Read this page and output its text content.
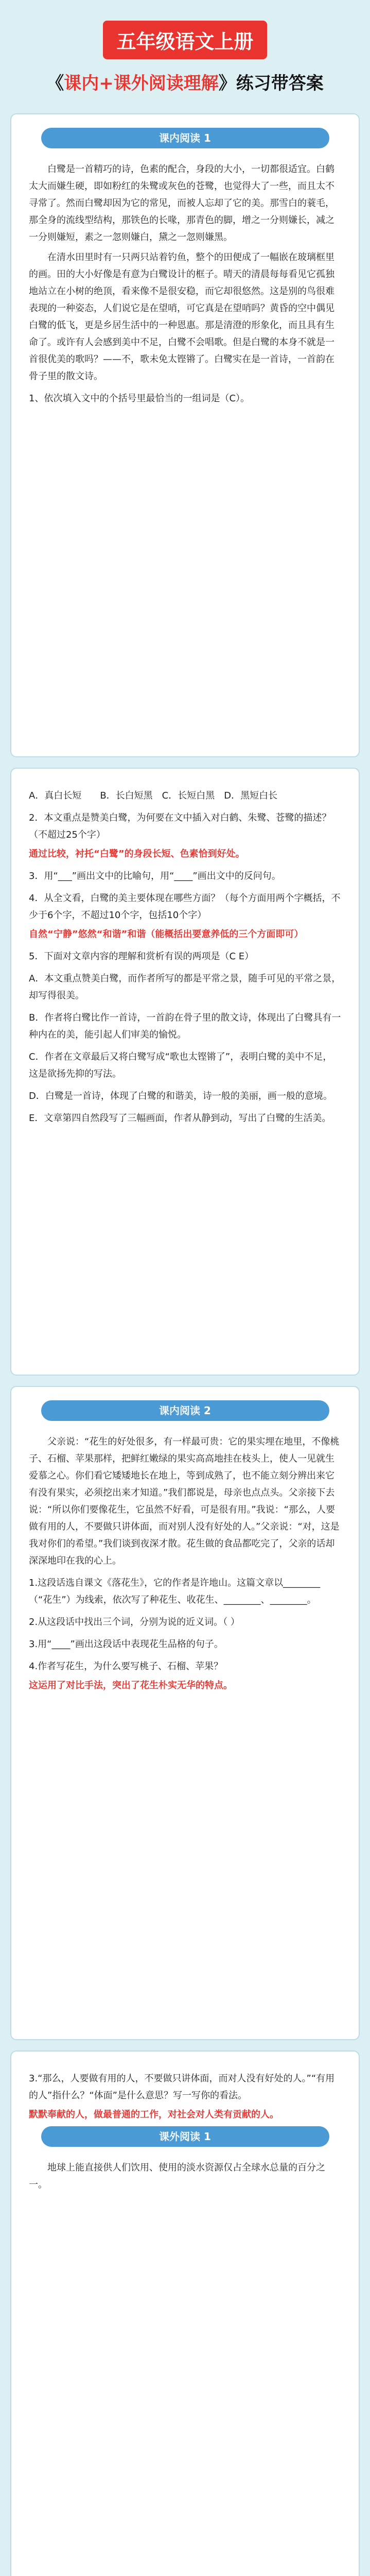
五年级语文上册
《课内+课外阅读理解》练习带答案
课内阅读 1

白鹭是一首精巧的诗，色素的配合，身段的大小，一切都很适宜。白鹤太大而嫌生硬，即如粉红的朱鹭或灰色的苍鹭，也觉得大了一些，而且太不寻常了。然而白鹭却因为它的常见，而被人忘却了它的美。那雪白的蓑毛，那全身的流线型结构，那铁色的长喙，那青色的脚，增之一分则嫌长，减之一分则嫌短，素之一忽则嫌白，黛之一忽则嫌黑。

在清水田里时有一只两只站着钓鱼，整个的田便成了一幅嵌在玻璃框里的画。田的大小好像是有意为白鹭设计的框子。晴天的清晨每每看见它孤独地站立在小树的绝顶，看来像不是很安稳，而它却很悠然。这是别的鸟很难表现的一种姿态，人们说它是在望哨，可它真是在望哨吗？黄昏的空中偶见白鹭的低飞，更是乡居生活中的一种恩惠。那是清澄的形象化，而且具有生命了。或许有人会感到美中不足，白鹭不会唱歌。但是白鹭的本身不就是一首很优美的歌吗？——不，歌未免太铿锵了。白鹭实在是一首诗，一首韵在骨子里的散文诗。

1、依次填入文中的个括号里最恰当的一组词是（C）。

A．真白长短　　B．长白短黑　C．长短白黑　D．黑短白长

2．本文重点是赞美白鹭，为何要在文中插入对白鹤、朱鹭、苍鹭的描述？（不超过25个字）

通过比较，衬托“白鹭”的身段长短、色素恰到好处。

3．用“___”画出文中的比喻句，用“____”画出文中的反问句。

4．从全文看，白鹭的美主要体现在哪些方面？（每个方面用两个字概括，不少于6个字，不超过10个字，包括10个字）

自然“宁静”悠然“和谐”和谐（能概括出要意养低的三个方面即可）

5．下面对文章内容的理解和赏析有误的两项是（C E）

A．本文重点赞美白鹭，而作者所写的都是平常之景，随手可见的平常之景，却写得很美。

B．作者将白鹭比作一首诗，一首韵在骨子里的散文诗，体现出了白鹭具有一种内在的美，能引起人们审美的愉悦。

C．作者在文章最后又将白鹭写成“歌也太铿锵了”，表明白鹭的美中不足，这是欲扬先抑的写法。

D．白鹭是一首诗，体现了白鹭的和谐美，诗一般的美丽，画一般的意境。

E．文章第四自然段写了三幅画面，作者从静到动，写出了白鹭的生活美。

课内阅读 2

父亲说：“花生的好处很多，有一样最可贵：它的果实埋在地里，不像桃子、石榴、苹果那样，把鲜红嫩绿的果实高高地挂在枝头上，使人一见就生爱慕之心。你们看它矮矮地长在地上，等到成熟了，也不能立刻分辨出来它有没有果实，必须挖出来才知道。”我们都说是，母亲也点点头。父亲接下去说：“所以你们要像花生，它虽然不好看，可是很有用。”我说：“那么，人要做有用的人，不要做只讲体面，而对别人没有好处的人。”父亲说：“对，这是我对你们的希望。”我们谈到夜深才散。花生做的食品都吃完了，父亲的话却深深地印在我的心上。

1.这段话选自课文《落花生》，它的作者是许地山。这篇文章以________（“花生”）为线索，依次写了种花生、收花生、________、________。

2.从这段话中找出三个词，分别为说的近义词。（ ）

3.用“____”画出这段话中表现花生品格的句子。

4.作者写花生，为什么要写桃子、石榴、苹果？

这运用了对比手法，突出了花生朴实无华的特点。

3.“那么，人要做有用的人，不要做只讲体面，而对人没有好处的人。”“有用的人”指什么？“体面”是什么意思？写一写你的看法。

默默奉献的人，做最普通的工作，对社会对人类有贡献的人。

课外阅读 1

地球上能直接供人们饮用、使用的淡水资源仅占全球水总量的百分之一。
